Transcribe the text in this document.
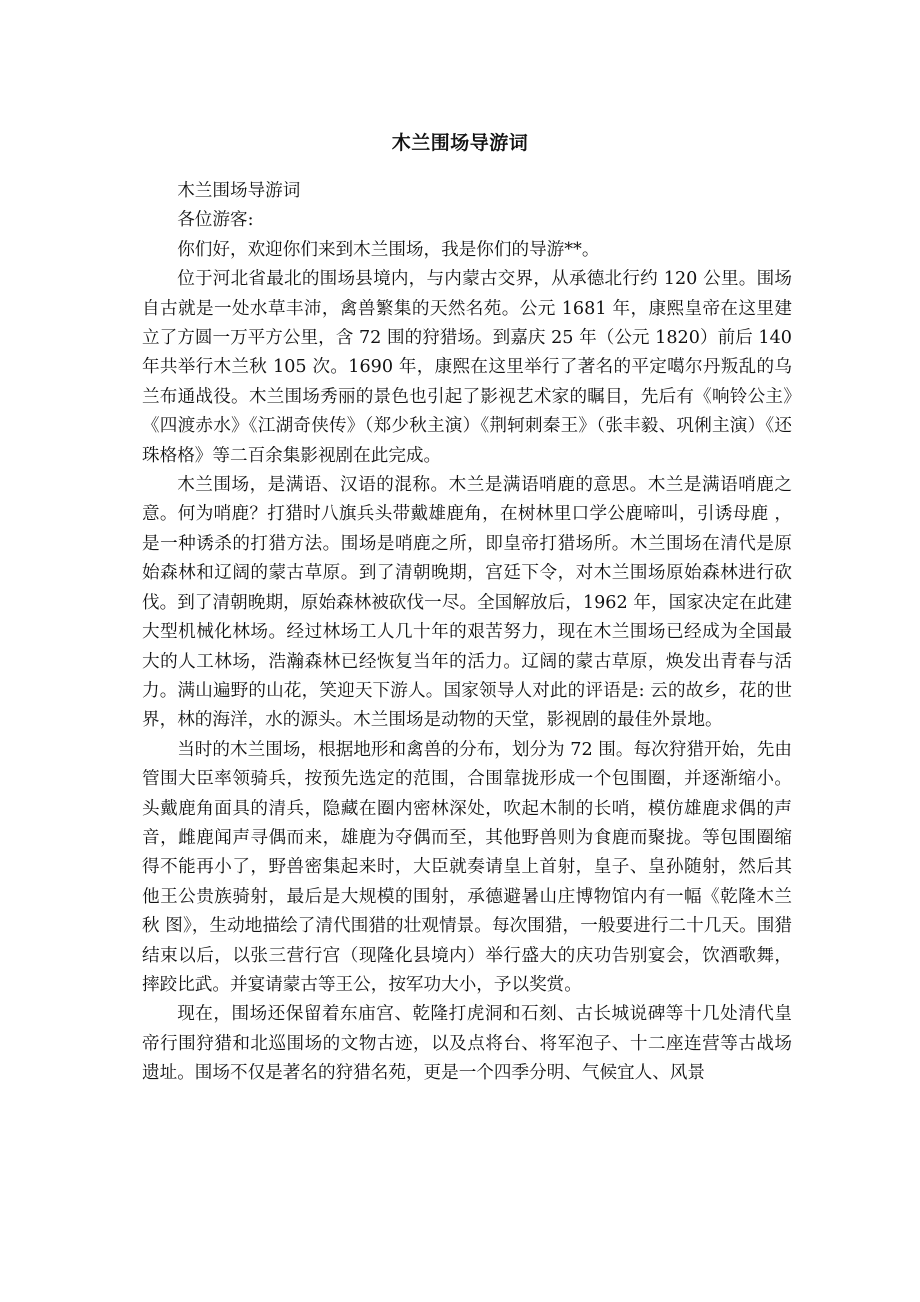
木兰围场导游词

木兰围场导游词

各位游客:

你们好，欢迎你们来到木兰围场，我是你们的导游**。

位于河北省最北的围场县境内，与内蒙古交界，从承德北行约 120 公里。围场自古就是一处水草丰沛，禽兽繁集的天然名苑。公元 1681 年，康熙皇帝在这里建立了方圆一万平方公里，含 72 围的狩猎场。到嘉庆 25 年（公元 1820）前后 140 年共举行木兰秋 105 次。1690 年，康熙在这里举行了著名的平定噶尔丹叛乱的乌兰布通战役。木兰围场秀丽的景色也引起了影视艺术家的瞩目，先后有《响铃公主》《四渡赤水》《江湖奇侠传》（郑少秋主演）《荆轲刺秦王》（张丰毅、巩俐主演）《还珠格格》等二百余集影视剧在此完成。

木兰围场，是满语、汉语的混称。木兰是满语哨鹿的意思。木兰是满语哨鹿之意。何为哨鹿？打猎时八旗兵头带戴雄鹿角，在树林里口学公鹿啼叫，引诱母鹿 ，是一种诱杀的打猎方法。围场是哨鹿之所，即皇帝打猎场所。木兰围场在清代是原始森林和辽阔的蒙古草原。到了清朝晚期，宫廷下令，对木兰围场原始森林进行砍伐。到了清朝晚期，原始森林被砍伐一尽。全国解放后，1962 年，国家决定在此建大型机械化林场。经过林场工人几十年的艰苦努力，现在木兰围场已经成为全国最大的人工林场，浩瀚森林已经恢复当年的活力。辽阔的蒙古草原，焕发出青春与活力。满山遍野的山花，笑迎天下游人。国家领导人对此的评语是: 云的故乡，花的世界，林的海洋，水的源头。木兰围场是动物的天堂，影视剧的最佳外景地。

当时的木兰围场，根据地形和禽兽的分布，划分为 72 围。每次狩猎开始，先由管围大臣率领骑兵，按预先选定的范围，合围靠拢形成一个包围圈，并逐渐缩小。头戴鹿角面具的清兵，隐藏在圈内密林深处，吹起木制的长哨，模仿雄鹿求偶的声音，雌鹿闻声寻偶而来，雄鹿为夺偶而至，其他野兽则为食鹿而聚拢。等包围圈缩得不能再小了，野兽密集起来时，大臣就奏请皇上首射，皇子、皇孙随射，然后其他王公贵族骑射，最后是大规模的围射，承德避暑山庄博物馆内有一幅《乾隆木兰秋 图》，生动地描绘了清代围猎的壮观情景。每次围猎，一般要进行二十几天。围猎结束以后，以张三营行宫（现隆化县境内）举行盛大的庆功告别宴会，饮酒歌舞，摔跤比武。并宴请蒙古等王公，按军功大小，予以奖赏。

现在，围场还保留着东庙宫、乾隆打虎洞和石刻、古长城说碑等十几处清代皇帝行围狩猎和北巡围场的文物古迹，以及点将台、将军泡子、十二座连营等古战场遗址。围场不仅是著名的狩猎名苑，更是一个四季分明、气候宜人、风景
